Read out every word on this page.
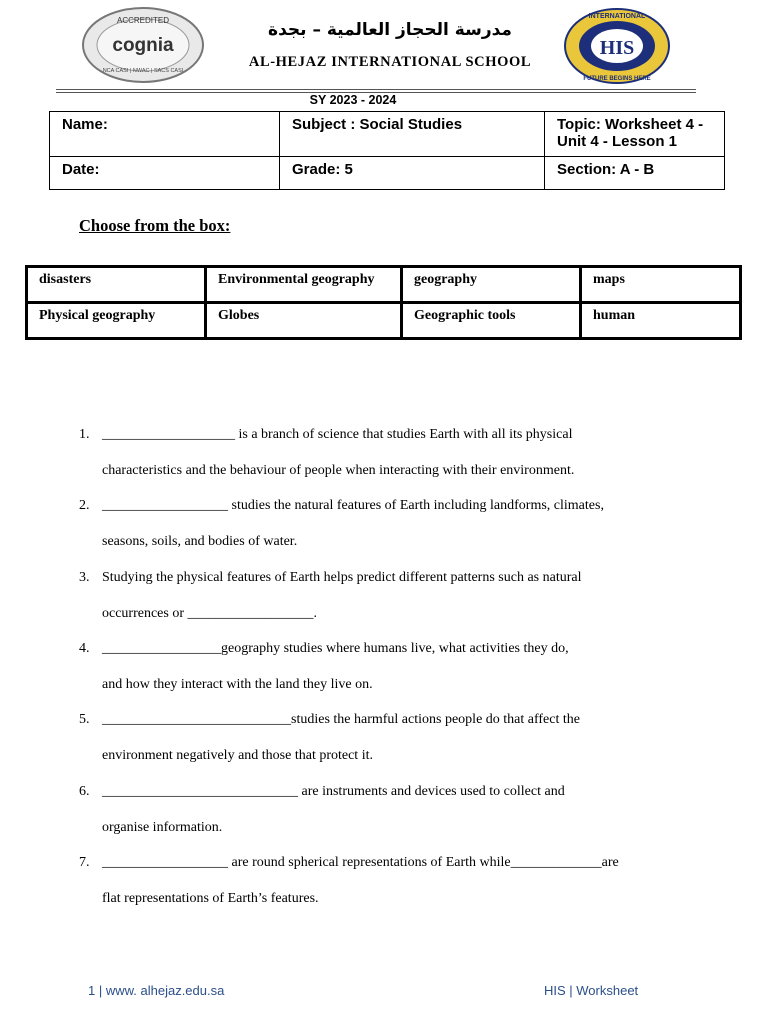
ACCREDITED
cognia
NCA CASI | NWAC | SACS CASI
مدرسة الحجاز العالمية – بجدة
AL-HEJAZ INTERNATIONAL SCHOOL
INTERNATIONAL
HIS
FUTURE BEGINS HERE
SY 2023 - 2024
Name:	Subject : Social Studies	Topic: Worksheet 4 - Unit 4 - Lesson 1
Date:	Grade: 5	Section: A - B
Choose from the box:
disasters	Environmental geography	geography	maps
Physical geography	Globes	Geographic tools	human
1. ___________________ is a branch of science that studies Earth with all its physical
characteristics and the behaviour of people when interacting with their environment.
2. __________________ studies the natural features of Earth including landforms, climates,
seasons, soils, and bodies of water.
3. Studying the physical features of Earth helps predict different patterns such as natural
occurrences or __________________.
4. _________________geography studies where humans live, what activities they do,
and how they interact with the land they live on.
5. ___________________________studies the harmful actions people do that affect the
environment negatively and those that protect it.
6. ____________________________ are instruments and devices used to collect and
organise information.
7. __________________ are round spherical representations of Earth while_____________are
flat representations of Earth’s features.
1 | www. alhejaz.edu.sa	HIS | Worksheet
